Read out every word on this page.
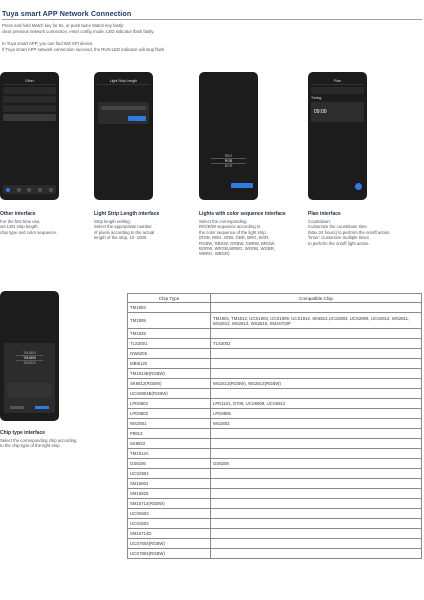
Tuya smart APP Network Connection
Press and hold Match key for 5s, or push twice Match key fastly:
clear previous network connection, enter config mode, LED indicator flash fastly.
In Tuya smart APP, you can find WZ-SPI device.
If Tuya smart APP network connection succeed, the RUN LED indicator will stop flash.
Other	Light Strip Length
RBG
RGB
BGR
Plan
Timing
09:00
Other interface
For the first time use,
set LED strip length,
chip type and color sequence.
Light Strip Length interface
Strip length setting:
Select the appropriate number
of pixels according to the actual
length of the strip, 10 -1000.
Lights with color sequence interface
Select the corresponding
R/G/B/W sequence according to
the color sequence of the light strip.
(RGB, RBG, GRB, GBR, BRG, BGR,
RGBW, RBGW, GRBW, GBRW, BRGW,
BGRW, WRGB,WRBG, WGRB, WGBR,
WBRG, WBGR)
Plan interface
Countdown:
Customize the countdown time
(Max.24 hours) to perform the on/off action.
Timer: Customize multiple times
to perform the on/off light action.
TM1803
TM1809
TM1829
Chip type interface
Select the corresponding chip according
to the chip type of the light strip.
Chip Type	Compatible Chip
TM1803	
TM1809	TM1804, TM1812, UCS1903, UCS1909, UCS1912, SK6813,UCS2903, UCS2909, UCS2912, WS2811, WS2812, WS2813, WS2815, SM16703P
TM1829	
TLS3001	TLS3002
GW6205	
MBI6120	
TM1814B(RGBW)	
SK6812(RGBW)	WS2813(RGBW), WS2814(RGBW)
UCS8904B(RGBW)	
LPD6803	LPD1101, D705, UCS6909, UCS6912
LPD8803	LPD8806
WS2801	WS2803
P9813	
SK9822	
TM1914A	
GS8206	GS8208
UCS2904	
SM16804	
SM16825	
SM16714(RGBW)	
UCS5603	
UCS2603	
SM16714D	
UCS7604(RGBW)	
UCS7804(RGBW)	
